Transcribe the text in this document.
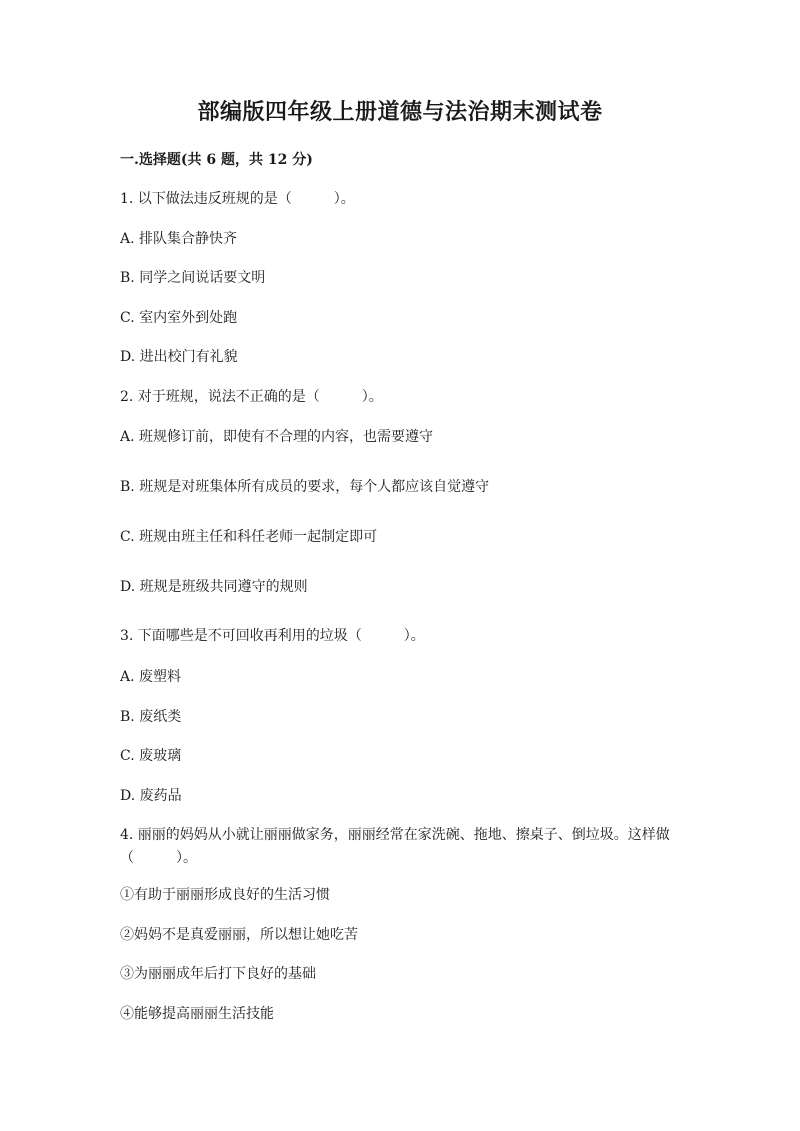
部编版四年级上册道德与法治期末测试卷
一.选择题(共 6 题，共 12 分)
1. 以下做法违反班规的是（　　　）。
A. 排队集合静快齐
B. 同学之间说话要文明
C. 室内室外到处跑
D. 进出校门有礼貌
2. 对于班规，说法不正确的是（　　　）。
A. 班规修订前，即使有不合理的内容，也需要遵守
B. 班规是对班集体所有成员的要求，每个人都应该自觉遵守
C. 班规由班主任和科任老师一起制定即可
D. 班规是班级共同遵守的规则
3. 下面哪些是不可回收再利用的垃圾（　　　）。
A. 废塑料
B. 废纸类
C. 废玻璃
D. 废药品
4. 丽丽的妈妈从小就让丽丽做家务，丽丽经常在家洗碗、拖地、擦桌子、倒垃圾。这样做（　　　）。
①有助于丽丽形成良好的生活习惯
②妈妈不是真爱丽丽，所以想让她吃苦
③为丽丽成年后打下良好的基础
④能够提高丽丽生活技能
